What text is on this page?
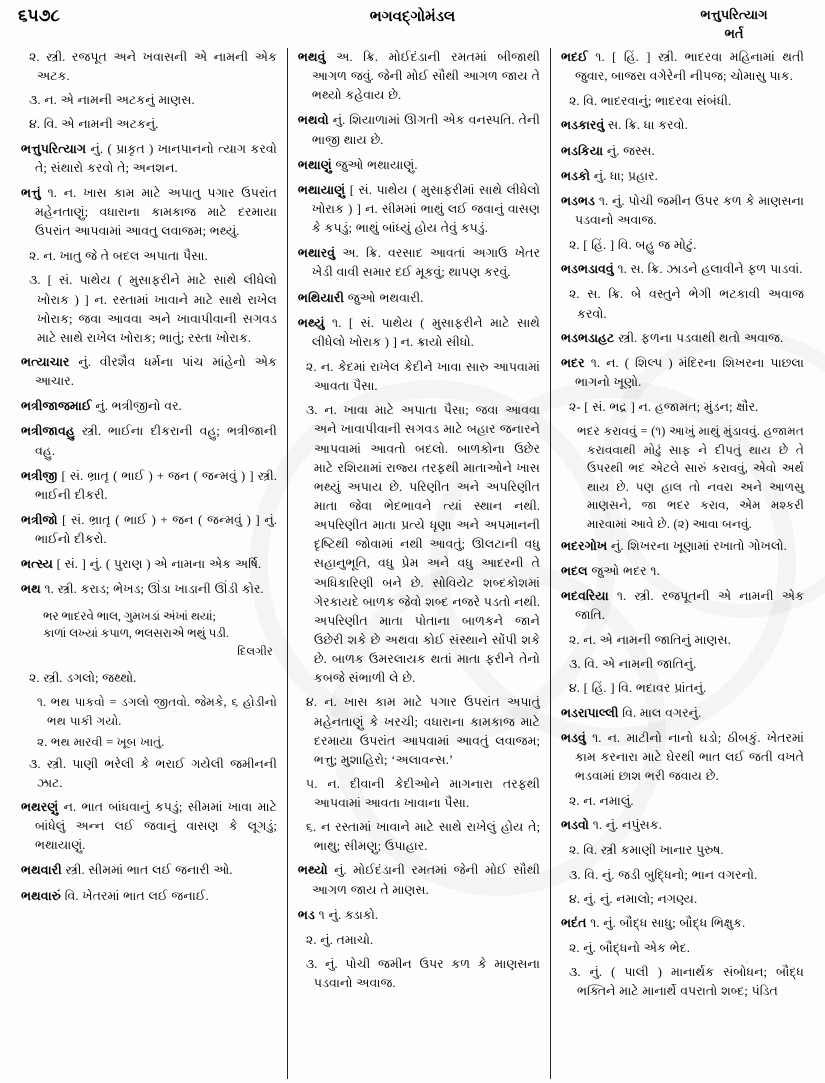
૬૫૭૮	ભગવદ્ગોમંડલ	ભત્તુપરિત્યાગ
ભર્ત

૨. સ્ત્રી. રજપૂત અને ખવાસની એ નામની એક અટક.

૩. ન. એ નામની અટકનું માણસ.

૪. વિ. એ નામની અટકનું.

ભત્તુપરિત્યાગ નું. ( પ્રાકૃત ) ખાનપાનનો ત્યાગ કરવો તે; સંથારો કરવો તે; અનશન.

ભત્તું ૧. ન. ખાસ કામ માટે અપાતુ પગાર ઉપરાંત મહેનતાણું; વધારાના કામકાજ માટે દરમાયા ઉપરાંત આપવામાં આવતુ લવાજમ; ભથ્યું.

૨. ન. ખાતુ જે તે બદલ અપાતા પૈસા.

૩. [ સં. પાથેય ( મુસાફરીને માટે સાથે લીધેલો ખોરાક ) ] ન. રસ્તામાં ખાવાને માટે સાથે રાખેલ ખોરાક; જવા આવવા અને ખાવાપીવાની સગવડ માટે સાથે રાખેલ ખોરાક; ભાતું; રસ્તા ખોરાક.

ભત્યાચાર નું. વીરશૈવ ધર્મના પાંચ માંહેનો એક આચાર.

ભત્રીજાજમાઈ નું. ભત્રીજીનો વર.

ભત્રીજાવહુ સ્ત્રી. ભાઈના દીકરાની વહુ; ભત્રીજાની વહુ.

ભત્રીજી [ સં. ભ્રાતૃ ( ભાઈ ) + જન ( જન્મવું ) ] સ્ત્રી. ભાઈની દીકરી.

ભત્રીજો [ સં. ભ્રાતૃ ( ભાઈ ) + જન ( જન્મવું ) ] નું. ભાઈનો દીકરો.

ભત્સ્ય [ સં. ] નું. ( પુરાણ ) એ નામના એક અર્ષિ.

ભથ ૧. સ્ત્રી. કરાડ; ભેખડ; ઊંડા ખાડાની ઊંડી કોર.

ભર ભાદરવે ભાલ, ગુમખડાં અંખાં થયાં;
કાળાં લખ્યાં કપાળ, ભલસરાએ ભથું પડી.
દિલગીર

૨. સ્ત્રી. ડગલો; જથ્થો.

૧. ભથ પાકવો = ડગલો જીતવો. જેમકે, ૬ હોડીનો ભથ પાકી ગયો.

૨. ભથ મારવી = ખૂબ ખાતું.

૩. સ્ત્રી. પાણી ભરેલી કે ભરાઈ ગયેલી જમીનની ઝાટ.

ભથરણું ન. ભાત બાંધવાનું કપડું; સીમમાં ખાવા માટે બાંધેલું અન્ન લઈ જવાનું વાસણ કે લૂગડું; ભથાયાણું.

ભથવારી સ્ત્રી. સીમમાં ભાત લઈ જનારી ઓ.

ભથવારું વિ. ખેતરમાં ભાત લઈ જનાઈ.

ભથવું અ. ક્રિ. મોઈદંડાની રમતમાં બીજાથી આગળ જવું. જેની મોઈ સૌથી આગળ જાય તે ભથ્યો કહેવાય છે.

ભથવો નું. શિયાળામાં ઊગતી એક વનસ્પતિ. તેની ભાજી થાય છે.

ભથાણું જુઓ ભથાયાણું.

ભથાયાણું [ સં. પાથેય ( મુસાફરીમાં સાથે લીધેલો ખોરાક ) ] ન. સીમમાં ભાથું લઈ જવાનું વાસણ કે કપડું; ભાથું બાંધ્યું હોય તેવું કપડું.

ભથારવું અ. ક્રિ. વરસાદ આવતાં અગાઉ ખેતર ખેડી વાવી સમાર દઈ મૂકવું; થાપણ કરવું.

ભથિયારી જુઓ ભથવારી.

ભથ્યું ૧. [ સં. પાથેય ( મુસાફરીને માટે સાથે લીધેલો ખોરાક ) ] ન. ક્રાયો સીધો.

૨. ન. કેદમાં રાખેલ કેદીને ખાવા સારુ આપવામાં આવતા પૈસા.

૩. ન. ખાવા માટે અપાતા પૈસા; જવા આવવા અને ખાવાપીવાની સગવડ માટે બહાર જનારને આપવામાં આવતો બદલો. બાળકોના ઉછેર માટે રશિયામાં રાજ્ય તરફથી માતાઓને ખાસ ભથ્યું અપાય છે. પરિણીત અને અપરિણીત માતા જેવા ભેદભાવને ત્યાં સ્થાન નથી. અપરિણીત માતા પ્રત્યે ધૃણા અને અપમાનની દૃષ્ટિથી જોવામાં નથી આવતું; ઊલટાની વધુ સહાનુભૂતિ, વધુ પ્રેમ અને વધુ આદરની તે અધિકારિણી બને છે. સોવિયેટ શબ્દકોશમાં ગેરકાયદે બાળક જેવો શબ્દ નજરે પડતો નથી. અપરિણીત માતા પોતાના બાળકને જાને ઉછેરી શકે છે અથવા કોઈ સંસ્થાને સોંપી શકે છે. બાળક ઉમરલાયક થતાં માતા ફરીને તેનો કબજે સંભાળી લે છે.

૪. ન. ખાસ કામ માટે પગાર ઉપરાંત અપાતું મહેનતાણું કે ખરચી; વધારાના કામકાજ માટે દરમાયા ઉપરાંત આપવામાં આવતું લવાજમ; ભત્તુ; મુશાહિરો; ‘અલાવન્સ.’

૫. ન. દીવાની કેદીઓને માગનારા તરફથી આપવામાં આવતા ખાવાના પૈસા.

૬. ન રસ્તામાં ખાવાને માટે સાથે રાખેલું હોય તે; ભાથુ; સીમણુ; ઉપાહાર.

ભથ્યો નું. મોઈદંડાની રમતમાં જેની મોઈ સૌથી આગળ જાય તે માણસ.

ભડ ૧ નું. ક્ડાકો.

૨. નું. તમાચો.

૩. નું. પોચી જમીન ઉપર કળ કે માણસના પડવાનો અવાજ.

ભદઈ ૧. [ હિં. ] સ્ત્રી. ભાદરવા મહિનામાં થતી જુવાર, બાજરા વગેરેની નીપજ; ચોમાસુ પાક.

૨. વિ. ભાદરવાનું; ભાદરવા સંબંધી.

ભડકારવું સ. ક્રિ. ધા કરવો.

ભડકિયા નું. જસ્સ.

ભડકો નું. ધા; પ્રહાર.

ભડભડ ૧. નું. પોચી જમીન ઉપર કળ કે માણસના પડવાનો અવાજ.

૨. [ હિં. ] વિ. બહુ જ મોટું.

ભડભડાવવું ૧. સ. ક્રિ. ઝાડને હલાવીને ફળ પાડવાં.

૨. સ. ક્રિ. બે વસ્તુને ભેગી ભટકાવી અવાજ કરવો.

ભડભડાહટ સ્ત્રી. ફળના પડવાથી થતો અવાજ.

ભદર ૧. ન. ( શિલ્પ ) મંદિરના શિખરના પાછલા ભાગનો ખૂણો.

૨- [ સં. ભદ્ર ] ન. હજામત; મુંડન; ક્ષૌર.

ભદર કરાવવું = (૧) આખું માથું મુંડાવવું. હજામત કરાવવાથી મોઢું સાફ ને દીપતું થાય છે તે ઉપરથી ભદ એટલે સારું કરાવવું, એવો અર્થ થાય છે. પણ હાલ તો નવરા અને આળસુ માણસને, જા ભદર કરાવ, એમ મશ્કરી મારવામાં આવે છે. (૨) આવા બનવું.

ભદરગોખ નું. શિખરના ખૂણામાં રખાતો ગોખલો.

ભદલ જુઓ ભદર ૧.

ભદવરિયા ૧. સ્ત્રી. રજપૂતની એ નામની એક જાતિ.

૨. ન. એ નામની જાતિનું માણસ.

૩. વિ. એ નામની જાતિનું.

૪. [ હિં. ] વિ. ભદાવર પ્રાંતનું.

ભડરાપાલ્લી વિ. માલ વગરનું.

ભડવું ૧. ન. માટીનો નાનો ઘડો; ઠીબકું. ખેતરમાં કામ કરનારા માટે ઘેરથી ભાત લઈ જતી વખતે ભડવામાં છાશ ભરી જવાય છે.

૨. ન. નમાલું.

ભડવો ૧. નું. નપુંસક.

૨. વિ. સ્ત્રી કમાણી ખાનાર પુરુષ.

૩. વિ. નું. જડી બુદ્ધિનો; ભાન વગરનો.

૪. નું. નું. નમાલો; નગણ્ય.

ભદંત ૧. નું. બૌદ્ધ સાધુ; બૌદ્ધ ભિક્ષુક.

૨. નું. બૌદ્ધનો એક ભેદ.

૩. નું. ( પાલી ) માનાર્થક સંબોધન; બૌદ્ધ ભક્તિને માટે માનાર્થે વપરાતો શબ્દ; પંડિત
